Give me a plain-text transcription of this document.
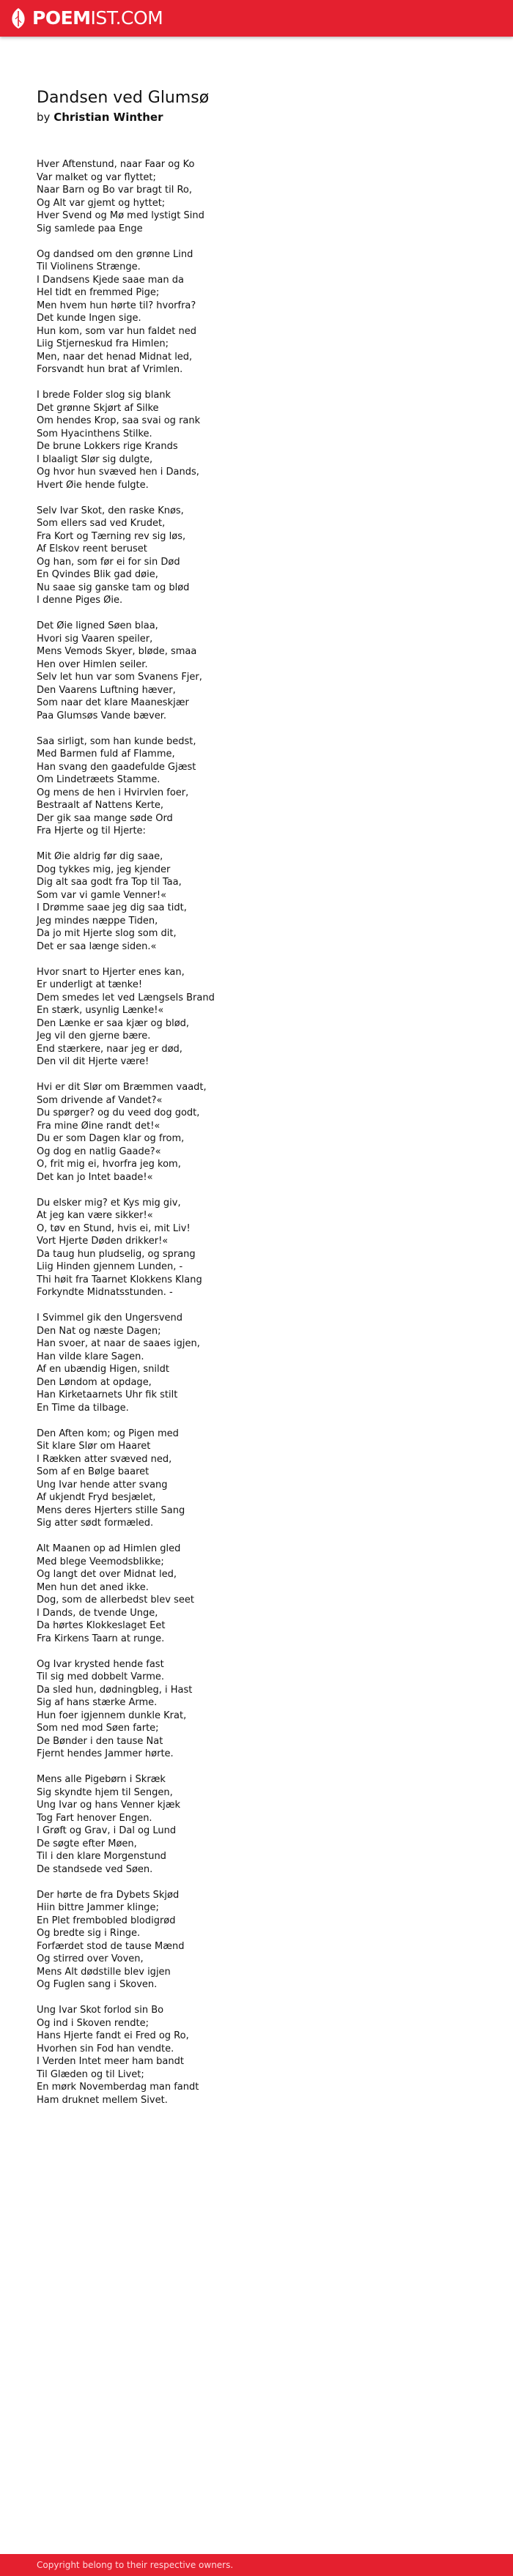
POEMIST.COM
Dandsen ved Glumsø
by Christian Winther
Hver Aftenstund, naar Faar og Ko
Var malket og var flyttet;
Naar Barn og Bo var bragt til Ro,
Og Alt var gjemt og hyttet;
Hver Svend og Mø med lystigt Sind
Sig samlede paa Enge
Og dandsed om den grønne Lind
Til Violinens Strænge.
I Dandsens Kjede saae man da
Hel tidt en fremmed Pige;
Men hvem hun hørte til? hvorfra?
Det kunde Ingen sige.
Hun kom, som var hun faldet ned
Liig Stjerneskud fra Himlen;
Men, naar det henad Midnat led,
Forsvandt hun brat af Vrimlen.
I brede Folder slog sig blank
Det grønne Skjørt af Silke
Om hendes Krop, saa svai og rank
Som Hyacinthens Stilke.
De brune Lokkers rige Krands
I blaaligt Slør sig dulgte,
Og hvor hun svæved hen i Dands,
Hvert Øie hende fulgte.
Selv Ivar Skot, den raske Knøs,
Som ellers sad ved Krudet,
Fra Kort og Tærning rev sig løs,
Af Elskov reent beruset
Og han, som før ei for sin Død
En Qvindes Blik gad døie,
Nu saae sig ganske tam og blød
I denne Piges Øie.
Det Øie ligned Søen blaa,
Hvori sig Vaaren speiler,
Mens Vemods Skyer, bløde, smaa
Hen over Himlen seiler.
Selv let hun var som Svanens Fjer,
Den Vaarens Luftning hæver,
Som naar det klare Maaneskjær
Paa Glumsøs Vande bæver.
Saa sirligt, som han kunde bedst,
Med Barmen fuld af Flamme,
Han svang den gaadefulde Gjæst
Om Lindetræets Stamme.
Og mens de hen i Hvirvlen foer,
Bestraalt af Nattens Kerte,
Der gik saa mange søde Ord
Fra Hjerte og til Hjerte:
Mit Øie aldrig før dig saae,
Dog tykkes mig, jeg kjender
Dig alt saa godt fra Top til Taa,
Som var vi gamle Venner!«
I Drømme saae jeg dig saa tidt,
Jeg mindes næppe Tiden,
Da jo mit Hjerte slog som dit,
Det er saa længe siden.«
Hvor snart to Hjerter enes kan,
Er underligt at tænke!
Dem smedes let ved Længsels Brand
En stærk, usynlig Lænke!«
Den Lænke er saa kjær og blød,
Jeg vil den gjerne bære.
End stærkere, naar jeg er død,
Den vil dit Hjerte være!
Hvi er dit Slør om Bræmmen vaadt,
Som drivende af Vandet?«
Du spørger? og du veed dog godt,
Fra mine Øine randt det!«
Du er som Dagen klar og from,
Og dog en natlig Gaade?«
O, frit mig ei, hvorfra jeg kom,
Det kan jo Intet baade!«
Du elsker mig? et Kys mig giv,
At jeg kan være sikker!«
O, tøv en Stund, hvis ei, mit Liv!
Vort Hjerte Døden drikker!«
Da taug hun pludselig, og sprang
Liig Hinden gjennem Lunden, -
Thi høit fra Taarnet Klokkens Klang
Forkyndte Midnatsstunden. -
I Svimmel gik den Ungersvend
Den Nat og næste Dagen;
Han svoer, at naar de saaes igjen,
Han vilde klare Sagen.
Af en ubændig Higen, snildt
Den Løndom at opdage,
Han Kirketaarnets Uhr fik stilt
En Time da tilbage.
Den Aften kom; og Pigen med
Sit klare Slør om Haaret
I Rækken atter svæved ned,
Som af en Bølge baaret
Ung Ivar hende atter svang
Af ukjendt Fryd besjælet,
Mens deres Hjerters stille Sang
Sig atter sødt formæled.
Alt Maanen op ad Himlen gled
Med blege Veemodsblikke;
Og langt det over Midnat led,
Men hun det aned ikke.
Dog, som de allerbedst blev seet
I Dands, de tvende Unge,
Da hørtes Klokkeslaget Eet
Fra Kirkens Taarn at runge.
Og Ivar krysted hende fast
Til sig med dobbelt Varme.
Da sled hun, dødningbleg, i Hast
Sig af hans stærke Arme.
Hun foer igjennem dunkle Krat,
Som ned mod Søen farte;
De Bønder i den tause Nat
Fjernt hendes Jammer hørte.
Mens alle Pigebørn i Skræk
Sig skyndte hjem til Sengen,
Ung Ivar og hans Venner kjæk
Tog Fart henover Engen.
I Grøft og Grav, i Dal og Lund
De søgte efter Møen,
Til i den klare Morgenstund
De standsede ved Søen.
Der hørte de fra Dybets Skjød
Hiin bittre Jammer klinge;
En Plet frembobled blodigrød
Og bredte sig i Ringe.
Forfærdet stod de tause Mænd
Og stirred over Voven,
Mens Alt dødstille blev igjen
Og Fuglen sang i Skoven.
Ung Ivar Skot forlod sin Bo
Og ind i Skoven rendte;
Hans Hjerte fandt ei Fred og Ro,
Hvorhen sin Fod han vendte.
I Verden Intet meer ham bandt
Til Glæden og til Livet;
En mørk Novemberdag man fandt
Ham druknet mellem Sivet.
Copyright belong to their respective owners.
